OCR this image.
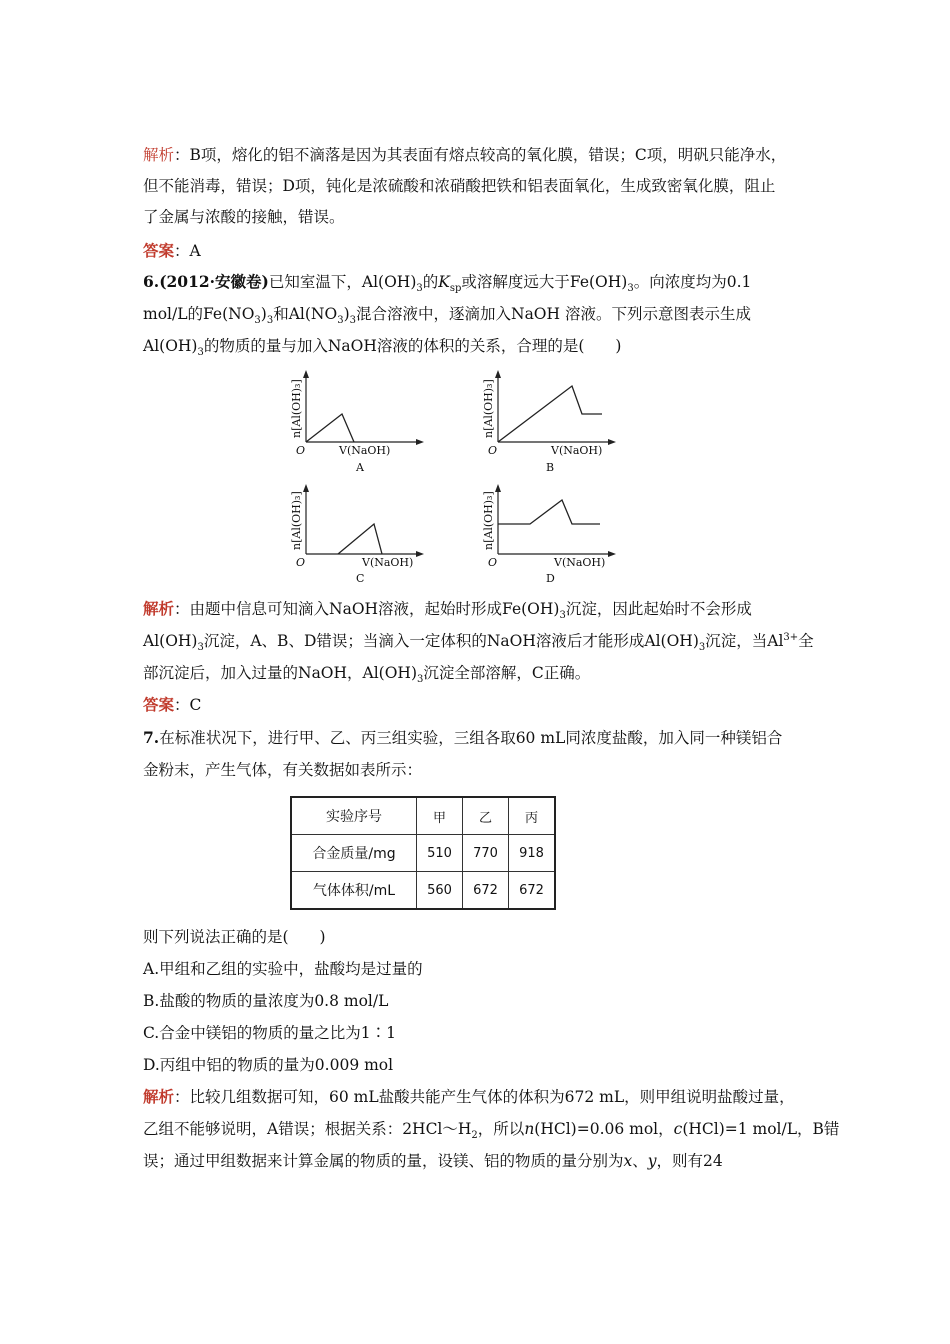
解析：B项，熔化的铝不滴落是因为其表面有熔点较高的氧化膜，错误；C项，明矾只能净水，
但不能消毒，错误；D项，钝化是浓硫酸和浓硝酸把铁和铝表面氧化，生成致密氧化膜，阻止
了金属与浓酸的接触，错误。
答案：A
6.(2012·安徽卷)已知室温下，$Al(OH)_3$的$K_{sp}$或溶解度远大于$Fe(OH)_3$。向浓度均为0.1
mol/L的$Fe(NO_3)_3$和$Al(NO_3)_3$混合溶液中，逐滴加入NaOH 溶液。下列示意图表示生成
$Al(OH)_3$的物质的量与加入NaOH溶液的体积的关系，合理的是(　　)
O	V(NaOH)
n[Al(OH)₃]
A
O	V(NaOH)
n[Al(OH)₃]
B
O	V(NaOH)
n[Al(OH)₃]
C
O	V(NaOH)
n[Al(OH)₃]
D
解析：由题中信息可知滴入NaOH溶液，起始时形成$Fe(OH)_3$沉淀，因此起始时不会形成
$Al(OH)_3$沉淀，A、B、D错误；当滴入一定体积的NaOH溶液后才能形成$Al(OH)_3$沉淀，当$Al^{3+}$全
部沉淀后，加入过量的NaOH，$Al(OH)_3$沉淀全部溶解，C正确。
答案：C
7.在标准状况下，进行甲、乙、丙三组实验，三组各取60 mL同浓度盐酸，加入同一种镁铝合
金粉末，产生气体，有关数据如表所示：
实验序号	甲	乙	丙
合金质量/mg	510	770	918
气体体积/mL	560	672	672
则下列说法正确的是(　　)
A.甲组和乙组的实验中，盐酸均是过量的
B.盐酸的物质的量浓度为0.8 mol/L
C.合金中镁铝的物质的量之比为1∶1
D.丙组中铝的物质的量为0.009 mol
解析：比较几组数据可知，60 mL盐酸共能产生气体的体积为672 mL，则甲组说明盐酸过量，
乙组不能够说明，A错误；根据关系：$2HCl\sim H_2$，所以n(HCl)=0.06 mol，c(HCl)=1 mol/L，B错
误；通过甲组数据来计算金属的物质的量，设镁、铝的物质的量分别为x、y，则有24
